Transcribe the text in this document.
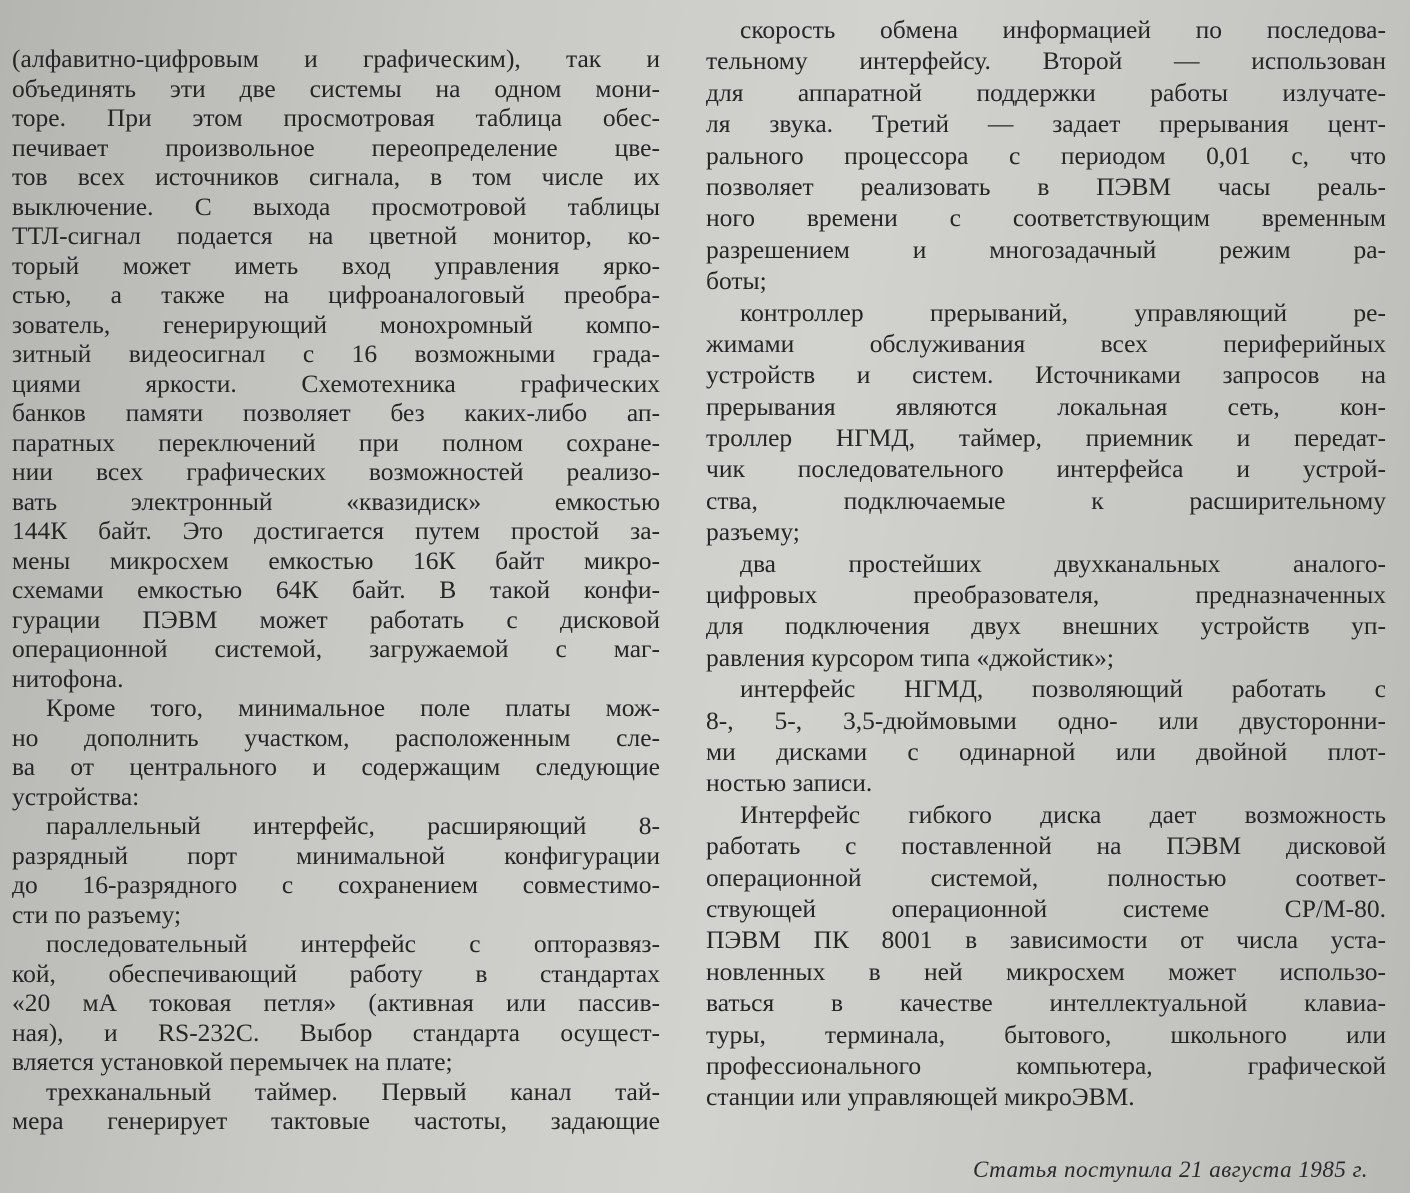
(алфавитно-цифровым и графическим), так и
объединять эти две системы на одном мони-
торе. При этом просмотровая таблица обес-
печивает произвольное переопределение цве-
тов всех источников сигнала, в том числе их
выключение. С выхода просмотровой таблицы
ТТЛ-сигнал подается на цветной монитор, ко-
торый может иметь вход управления ярко-
стью, а также на цифроаналоговый преобра-
зователь, генерирующий монохромный компо-
зитный видеосигнал с 16 возможными града-
циями яркости. Схемотехника графических
банков памяти позволяет без каких-либо ап-
паратных переключений при полном сохране-
нии всех графических возможностей реализо-
вать электронный «квазидиск» емкостью
144К байт. Это достигается путем простой за-
мены микросхем емкостью 16К байт микро-
схемами емкостью 64К байт. В такой конфи-
гурации ПЭВМ может работать с дисковой
операционной системой, загружаемой с маг-
нитофона.
Кроме того, минимальное поле платы мож-
но дополнить участком, расположенным сле-
ва от центрального и содержащим следующие
устройства:
параллельный интерфейс, расширяющий 8-
разрядный порт минимальной конфигурации
до 16-разрядного с сохранением совместимо-
сти по разъему;
последовательный интерфейс с опторазвяз-
кой, обеспечивающий работу в стандартах
«20 мА токовая петля» (активная или пассив-
ная), и RS-232С. Выбор стандарта осущест-
вляется установкой перемычек на плате;
трехканальный таймер. Первый канал тай-
мера генерирует тактовые частоты, задающие
скорость обмена информацией по последова-
тельному интерфейсу. Второй — использован
для аппаратной поддержки работы излучате-
ля звука. Третий — задает прерывания цент-
рального процессора с периодом 0,01 с, что
позволяет реализовать в ПЭВМ часы реаль-
ного времени с соответствующим временным
разрешением и многозадачный режим ра-
боты;
контроллер прерываний, управляющий ре-
жимами обслуживания всех периферийных
устройств и систем. Источниками запросов на
прерывания являются локальная сеть, кон-
троллер НГМД, таймер, приемник и передат-
чик последовательного интерфейса и устрой-
ства, подключаемые к расширительному
разъему;
два простейших двухканальных аналого-
цифровых преобразователя, предназначенных
для подключения двух внешних устройств уп-
равления курсором типа «джойстик»;
интерфейс НГМД, позволяющий работать с
8-, 5-, 3,5-дюймовыми одно- или двусторонни-
ми дисками с одинарной или двойной плот-
ностью записи.
Интерфейс гибкого диска дает возможность
работать с поставленной на ПЭВМ дисковой
операционной системой, полностью соответ-
ствующей операционной системе СР/М-80.
ПЭВМ ПК 8001 в зависимости от числа уста-
новленных в ней микросхем может использо-
ваться в качестве интеллектуальной клавиа-
туры, терминала, бытового, школьного или
профессионального компьютера, графической
станции или управляющей микроЭВМ.
Статья поступила 21 августа 1985 г.
